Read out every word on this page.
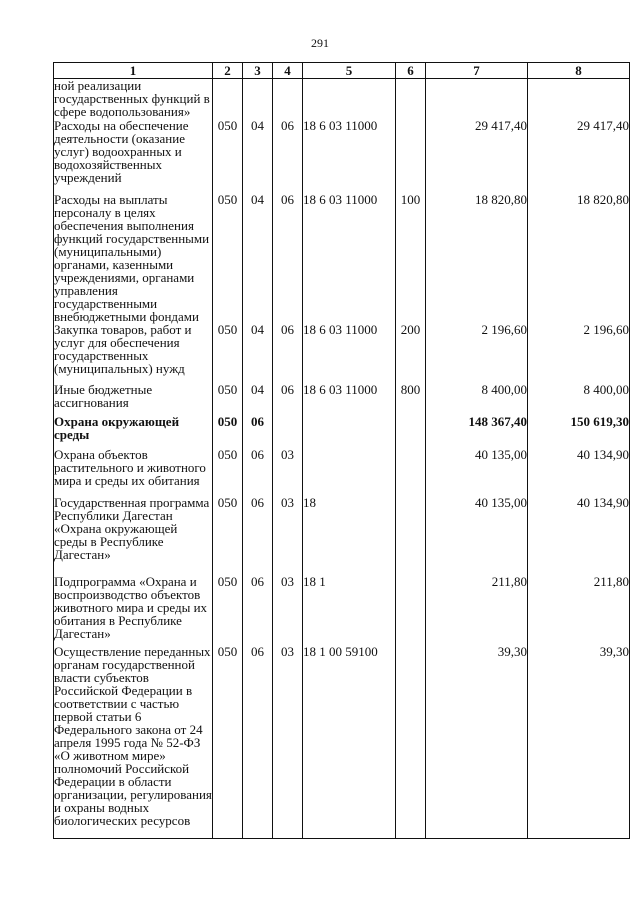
291
1	2	3	4	5	6	7	8
ной реализации государственных функций в сфере водопользования»							
Расходы на обеспечение деятельности (оказание услуг) водоохранных и водохозяйственных учреждений	050	04	06	18 6 03 11000		29 417,40	29 417,40
Расходы на выплаты персоналу в целях обеспечения выполнения функций государственными (муниципальными) органами, казенными учреждениями, органами управления государственными внебюджетными фондами	050	04	06	18 6 03 11000	100	18 820,80	18 820,80
Закупка товаров, работ и услуг для обеспечения государственных (муниципальных) нужд	050	04	06	18 6 03 11000	200	2 196,60	2 196,60
Иные бюджетные ассигнования	050	04	06	18 6 03 11000	800	8 400,00	8 400,00
Охрана окружающей среды	050	06				148 367,40	150 619,30
Охрана объектов растительного и животного мира и среды их обитания	050	06	03			40 135,00	40 134,90
Государственная программа Республики Дагестан «Охрана окружающей среды в Республике Дагестан»	050	06	03	18		40 135,00	40 134,90
Подпрограмма «Охрана и воспроизводство объектов животного мира и среды их обитания в Республике Дагестан»	050	06	03	18 1		211,80	211,80
Осуществление переданных органам государственной власти субъектов Российской Федерации в соответствии с частью первой статьи 6 Федерального закона от 24 апреля 1995 года № 52-ФЗ «О животном мире» полномочий Российской Федерации в области организации, регулирования и охраны водных биологических ресурсов	050	06	03	18 1 00 59100		39,30	39,30
